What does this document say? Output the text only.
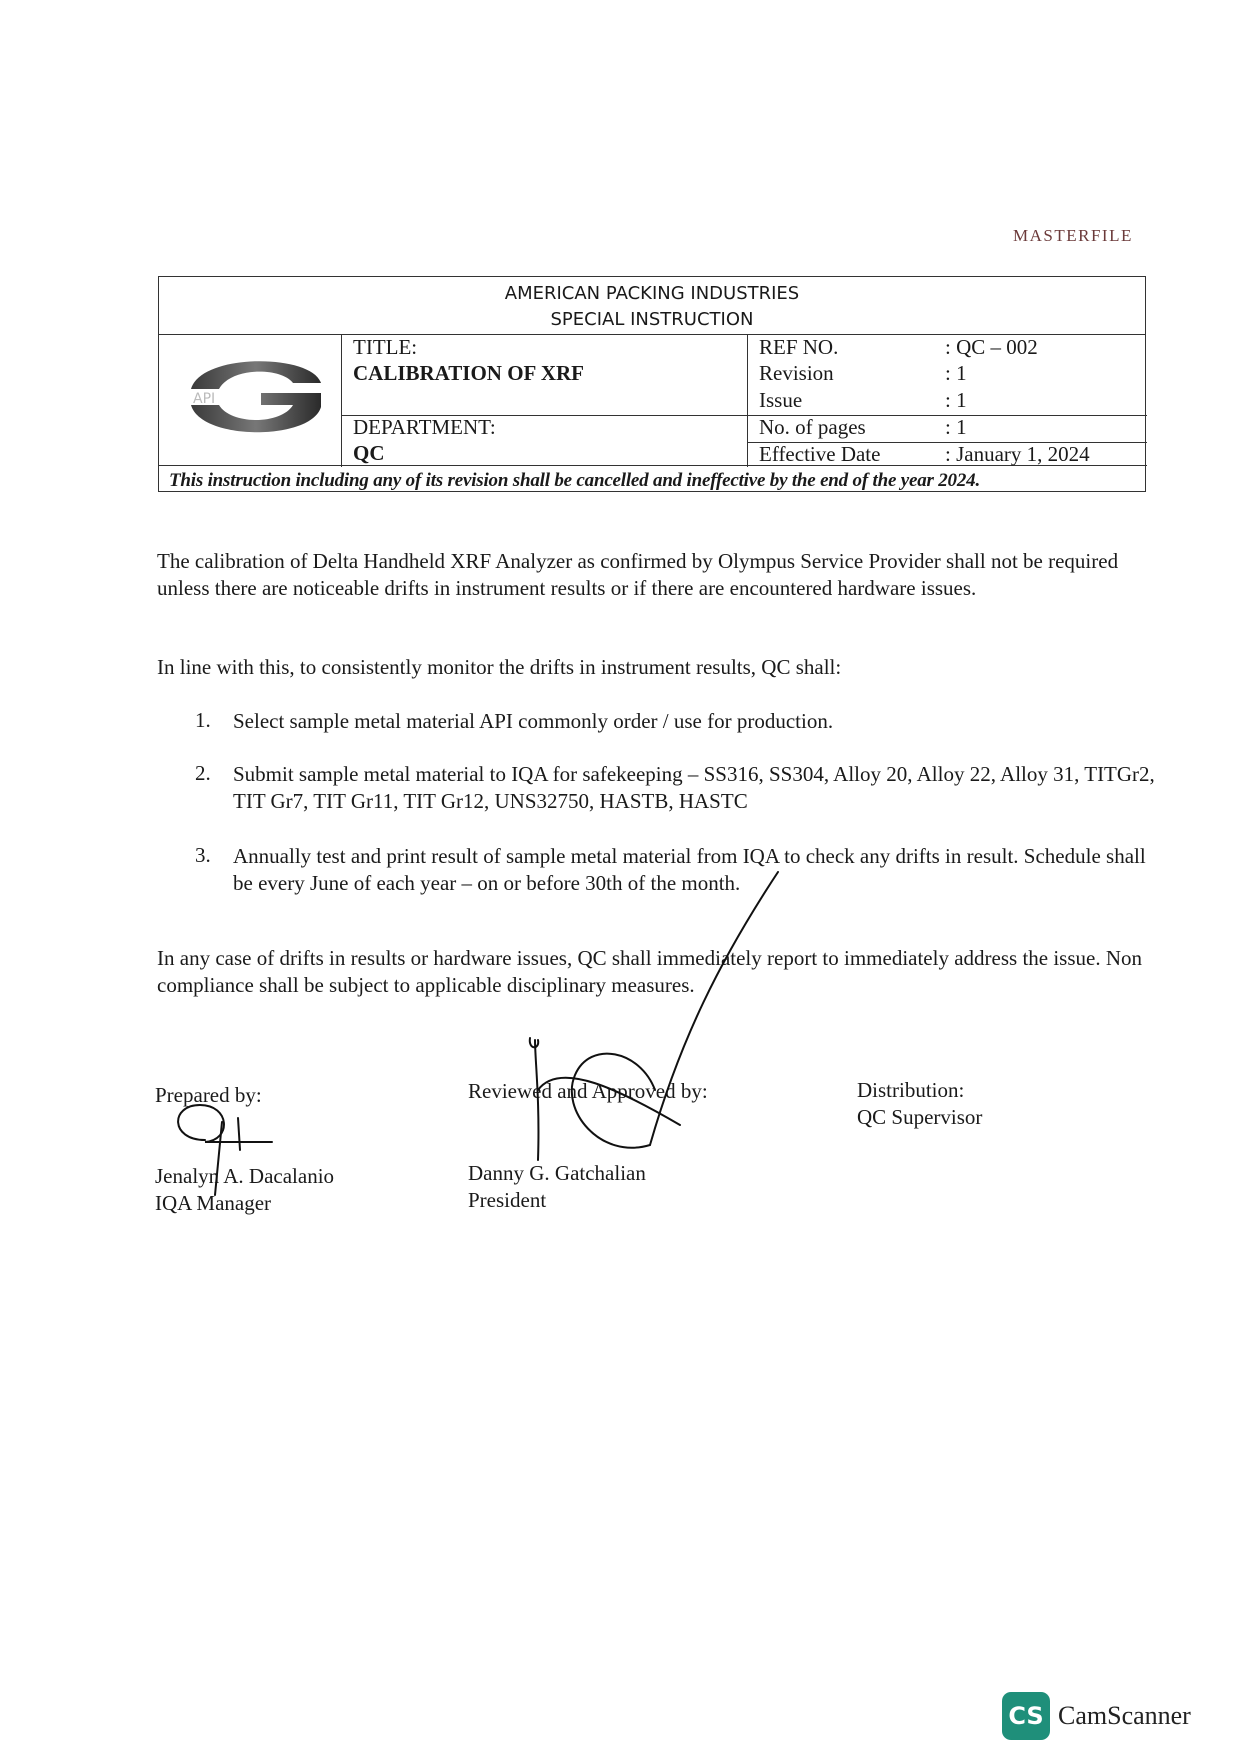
MASTERFILE
AMERICAN PACKING INDUSTRIES
SPECIAL INSTRUCTION
API
TITLE:
CALIBRATION OF XRF
DEPARTMENT:
QC
REF NO.	: QC – 002
Revision	: 1
Issue	: 1
No. of pages	: 1
Effective Date	: January 1, 2024
This instruction including any of its revision shall be cancelled and ineffective by the end of the year 2024.
The calibration of Delta Handheld XRF Analyzer as confirmed by Olympus Service Provider shall not be required unless there are noticeable drifts in instrument results or if there are encountered hardware issues.
In line with this, to consistently monitor the drifts in instrument results, QC shall:
1. Select sample metal material API commonly order / use for production.
2. Submit sample metal material to IQA for safekeeping – SS316, SS304, Alloy 20, Alloy 22, Alloy 31, TITGr2, TIT Gr7, TIT Gr11, TIT Gr12, UNS32750, HASTB, HASTC
3. Annually test and print result of sample metal material from IQA to check any drifts in result. Schedule shall be every June of each year – on or before 30th of the month.
In any case of drifts in results or hardware issues, QC shall immediately report to immediately address the issue. Non compliance shall be subject to applicable disciplinary measures.
Prepared by:
Jenalyn A. Dacalanio
IQA Manager
Reviewed and Approved by:
Danny G. Gatchalian
President
Distribution:
QC Supervisor
CS CamScanner
